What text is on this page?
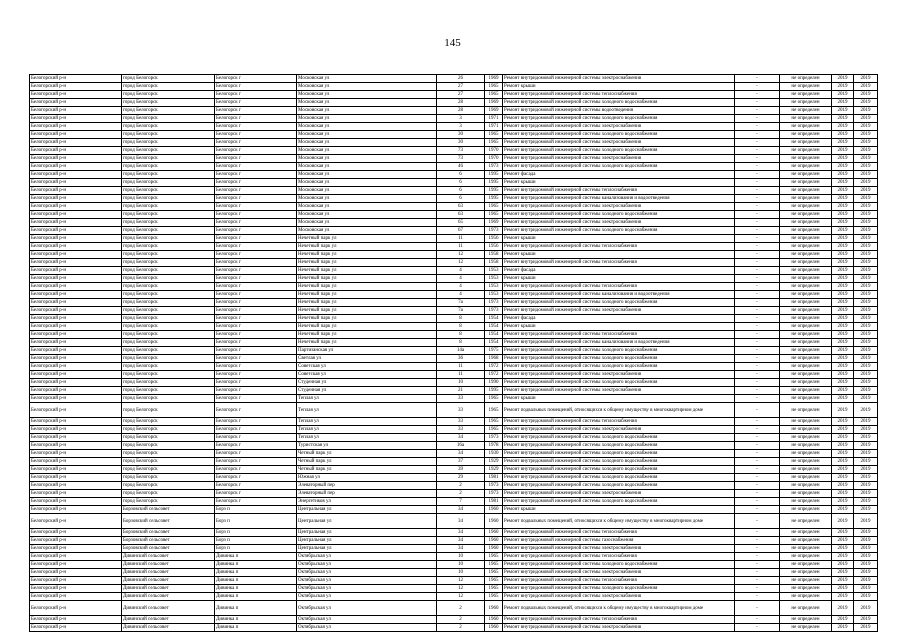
145
Белогорский р-н	город Белогорск	Белогорск г	Московская ул	26	1969	Ремонт внутридомовой инженерной системы электроснабжения	-	не определен	2019	2019
Белогорский р-н	город Белогорск	Белогорск г	Московская ул	27	1965	Ремонт крыши	-	не определен	2019	2019
Белогорский р-н	город Белогорск	Белогорск г	Московская ул	27	1965	Ремонт внутридомовой инженерной системы теплоснабжения	-	не определен	2019	2019
Белогорский р-н	город Белогорск	Белогорск г	Московская ул	28	1969	Ремонт внутридомовой инженерной системы холодного водоснабжения	-	не определен	2019	2019
Белогорский р-н	город Белогорск	Белогорск г	Московская ул	28	1969	Ремонт внутридомовой инженерной системы водоотведения	-	не определен	2019	2019
Белогорский р-н	город Белогорск	Белогорск г	Московская ул	3	1971	Ремонт внутридомовой инженерной системы холодного водоснабжения	-	не определен	2019	2019
Белогорский р-н	город Белогорск	Белогорск г	Московская ул	3	1971	Ремонт внутридомовой инженерной системы электроснабжения	-	не определен	2019	2019
Белогорский р-н	город Белогорск	Белогорск г	Московская ул	30	1965	Ремонт внутридомовой инженерной системы холодного водоснабжения	-	не определен	2019	2019
Белогорский р-н	город Белогорск	Белогорск г	Московская ул	30	1965	Ремонт внутридомовой инженерной системы электроснабжения	-	не определен	2019	2019
Белогорский р-н	город Белогорск	Белогорск г	Московская ул	73	1970	Ремонт внутридомовой инженерной системы холодного водоснабжения	-	не определен	2019	2019
Белогорский р-н	город Белогорск	Белогорск г	Московская ул	73	1970	Ремонт внутридомовой инженерной системы электроснабжения	-	не определен	2019	2019
Белогорский р-н	город Белогорск	Белогорск г	Московская ул	46	1973	Ремонт внутридомовой инженерной системы холодного водоснабжения	-	не определен	2019	2019
Белогорский р-н	город Белогорск	Белогорск г	Московская ул	6	1995	Ремонт фасада	-	не определен	2019	2019
Белогорский р-н	город Белогорск	Белогорск г	Московская ул	6	1995	Ремонт крыши	-	не определен	2019	2019
Белогорский р-н	город Белогорск	Белогорск г	Московская ул	6	1995	Ремонт внутридомовой инженерной системы теплоснабжения	-	не определен	2019	2019
Белогорский р-н	город Белогорск	Белогорск г	Московская ул	6	1995	Ремонт внутридомовой инженерной системы канализования и водоотведения	-	не определен	2019	2019
Белогорский р-н	город Белогорск	Белогорск г	Московская ул	63	1965	Ремонт внутридомовой инженерной системы электроснабжения	-	не определен	2019	2019
Белогорский р-н	город Белогорск	Белогорск г	Московская ул	63	1965	Ремонт внутридомовой инженерной системы холодного водоснабжения	-	не определен	2019	2019
Белогорский р-н	город Белогорск	Белогорск г	Московская ул	65	1969	Ремонт внутридомовой инженерной системы электроснабжения	-	не определен	2019	2019
Белогорский р-н	город Белогорск	Белогорск г	Московская ул	67	1973	Ремонт внутридомовой инженерной системы холодного водоснабжения	-	не определен	2019	2019
Белогорский р-н	город Белогорск	Белогорск г	Нечетный парк ул	11	1956	Ремонт крыши	-	не определен	2019	2019
Белогорский р-н	город Белогорск	Белогорск г	Нечетный парк ул	11	1956	Ремонт внутридомовой инженерной системы теплоснабжения	-	не определен	2019	2019
Белогорский р-н	город Белогорск	Белогорск г	Нечетный парк ул	12	1958	Ремонт крыши	-	не определен	2019	2019
Белогорский р-н	город Белогорск	Белогорск г	Нечетный парк ул	12	1958	Ремонт внутридомовой инженерной системы теплоснабжения	-	не определен	2019	2019
Белогорский р-н	город Белогорск	Белогорск г	Нечетный парк ул	4	1953	Ремонт фасада	-	не определен	2019	2019
Белогорский р-н	город Белогорск	Белогорск г	Нечетный парк ул	4	1953	Ремонт крыши	-	не определен	2019	2019
Белогорский р-н	город Белогорск	Белогорск г	Нечетный парк ул	4	1953	Ремонт внутридомовой инженерной системы теплоснабжения	-	не определен	2019	2019
Белогорский р-н	город Белогорск	Белогорск г	Нечетный парк ул	4	1953	Ремонт внутридомовой инженерной системы канализования и водоотведения	-	не определен	2019	2019
Белогорский р-н	город Белогорск	Белогорск г	Нечетный парк ул	7а	1973	Ремонт внутридомовой инженерной системы холодного водоснабжения	-	не определен	2019	2019
Белогорский р-н	город Белогорск	Белогорск г	Нечетный парк ул	7а	1973	Ремонт внутридомовой инженерной системы электроснабжения	-	не определен	2019	2019
Белогорский р-н	город Белогорск	Белогорск г	Нечетный парк ул	8	1954	Ремонт фасада	-	не определен	2019	2019
Белогорский р-н	город Белогорск	Белогорск г	Нечетный парк ул	8	1954	Ремонт крыши	-	не определен	2019	2019
Белогорский р-н	город Белогорск	Белогорск г	Нечетный парк ул	8	1954	Ремонт внутридомовой инженерной системы теплоснабжения	-	не определен	2019	2019
Белогорский р-н	город Белогорск	Белогорск г	Нечетный парк ул	8	1954	Ремонт внутридомовой инженерной системы канализования и водоотведения	-	не определен	2019	2019
Белогорский р-н	город Белогорск	Белогорск г	Партизанская ул	14а	1975	Ремонт внутридомовой инженерной системы холодного водоснабжения	-	не определен	2019	2019
Белогорский р-н	город Белогорск	Белогорск г	Светлая ул	36	1968	Ремонт внутридомовой инженерной системы холодного водоснабжения	-	не определен	2019	2019
Белогорский р-н	город Белогорск	Белогорск г	Советская ул	11	1972	Ремонт внутридомовой инженерной системы холодного водоснабжения	-	не определен	2019	2019
Белогорский р-н	город Белогорск	Белогорск г	Советская ул	11	1972	Ремонт внутридомовой инженерной системы электроснабжения	-	не определен	2019	2019
Белогорский р-н	город Белогорск	Белогорск г	Студенная ул	10	1990	Ремонт внутридомовой инженерной системы холодного водоснабжения	-	не определен	2019	2019
Белогорский р-н	город Белогорск	Белогорск г	Студенная ул	21	1995	Ремонт внутридомовой инженерной системы электроснабжения	-	не определен	2019	2019
Белогорский р-н	город Белогорск	Белогорск г	Теплая ул	33	1965	Ремонт крыши	-	не определен	2019	2019
Белогорский р-н	город Белогорск	Белогорск г	Теплая ул	33	1965	Ремонт подвальных помещений, относящихся к общему имуществу в многоквартирном доме	-	не определен	2019	2019
Белогорский р-н	город Белогорск	Белогорск г	Теплая ул	33	1965	Ремонт внутридомовой инженерной системы теплоснабжения	-	не определен	2019	2019
Белогорский р-н	город Белогорск	Белогорск г	Теплая ул	33	1965	Ремонт внутридомовой инженерной системы электроснабжения	-	не определен	2019	2019
Белогорский р-н	город Белогорск	Белогорск г	Теплая ул	34	1973	Ремонт внутридомовой инженерной системы холодного водоснабжения	-	не определен	2019	2019
Белогорский р-н	город Белогорск	Белогорск г	Туристская ул	16а	1978	Ремонт внутридомовой инженерной системы холодного водоснабжения	-	не определен	2019	2019
Белогорский р-н	город Белогорск	Белогорск г	Четный парк ул	34	1930	Ремонт внутридомовой инженерной системы холодного водоснабжения	-	не определен	2019	2019
Белогорский р-н	город Белогорск	Белогорск г	Четный парк ул	37	1929	Ремонт внутридомовой инженерной системы холодного водоснабжения	-	не определен	2019	2019
Белогорский р-н	город Белогорск	Белогорск г	Четный парк ул	39	1929	Ремонт внутридомовой инженерной системы холодного водоснабжения	-	не определен	2019	2019
Белогорский р-н	город Белогорск	Белогорск г	Южная ул	29	1981	Ремонт внутридомовой инженерной системы холодного водоснабжения	-	не определен	2019	2019
Белогорский р-н	город Белогорск	Белогорск г	Элеваторный пер	2	1973	Ремонт внутридомовой инженерной системы холодного водоснабжения	-	не определен	2019	2019
Белогорский р-н	город Белогорск	Белогорск г	Элеваторный пер	2	1973	Ремонт внутридомовой инженерной системы электроснабжения	-	не определен	2019	2019
Белогорский р-н	город Белогорск	Белогорск г	Энергетиков ул	7	1981	Ремонт внутридомовой инженерной системы холодного водоснабжения	-	не определен	2019	2019
Белогорский р-н	Борзовский сельсовет	Борз п	Центральная ул	34	1960	Ремонт крыши	-	не определен	2019	2019
Белогорский р-н	Борзовский сельсовет	Борз п	Центральная ул	34	1960	Ремонт подвальных помещений, относящихся к общему имуществу в многоквартирном доме	-	не определен	2019	2019
Белогорский р-н	Борзовский сельсовет	Борз п	Центральная ул	34	1960	Ремонт внутридомовой инженерной системы теплоснабжения	-	не определен	2019	2019
Белогорский р-н	Борзовский сельсовет	Борз п	Центральная ул	34	1960	Ремонт внутридомовой инженерной системы газоснабжения	-	не определен	2019	2019
Белогорский р-н	Борзовский сельсовет	Борз п	Центральная ул	34	1960	Ремонт внутридомовой инженерной системы электроснабжения	-	не определен	2019	2019
Белогорский р-н	Дивинский сельсовет	Дивинка п	Октябрьская ул	10	1965	Ремонт внутридомовой инженерной системы теплоснабжения	-	не определен	2019	2019
Белогорский р-н	Дивинский сельсовет	Дивинка п	Октябрьская ул	10	1965	Ремонт внутридомовой инженерной системы холодного водоснабжения	-	не определен	2019	2019
Белогорский р-н	Дивинский сельсовет	Дивинка п	Октябрьская ул	10	1965	Ремонт внутридомовой инженерной системы электроснабжения	-	не определен	2019	2019
Белогорский р-н	Дивинский сельсовет	Дивинка п	Октябрьская ул	12	1965	Ремонт внутридомовой инженерной системы теплоснабжения	-	не определен	2019	2019
Белогорский р-н	Дивинский сельсовет	Дивинка п	Октябрьская ул	12	1965	Ремонт внутридомовой инженерной системы холодного водоснабжения	-	не определен	2019	2019
Белогорский р-н	Дивинский сельсовет	Дивинка п	Октябрьская ул	12	1965	Ремонт внутридомовой инженерной системы электроснабжения	-	не определен	2019	2019
Белогорский р-н	Дивинский сельсовет	Дивинка п	Октябрьская ул	2	1960	Ремонт подвальных помещений, относящихся к общему имуществу в многоквартирном доме	-	не определен	2019	2019
Белогорский р-н	Дивинский сельсовет	Дивинка п	Октябрьская ул	2	1960	Ремонт внутридомовой инженерной системы теплоснабжения	-	не определен	2019	2019
Белогорский р-н	Дивинский сельсовет	Дивинка п	Октябрьская ул	2	1960	Ремонт внутридомовой инженерной системы электроснабжения	-	не определен	2019	2019
